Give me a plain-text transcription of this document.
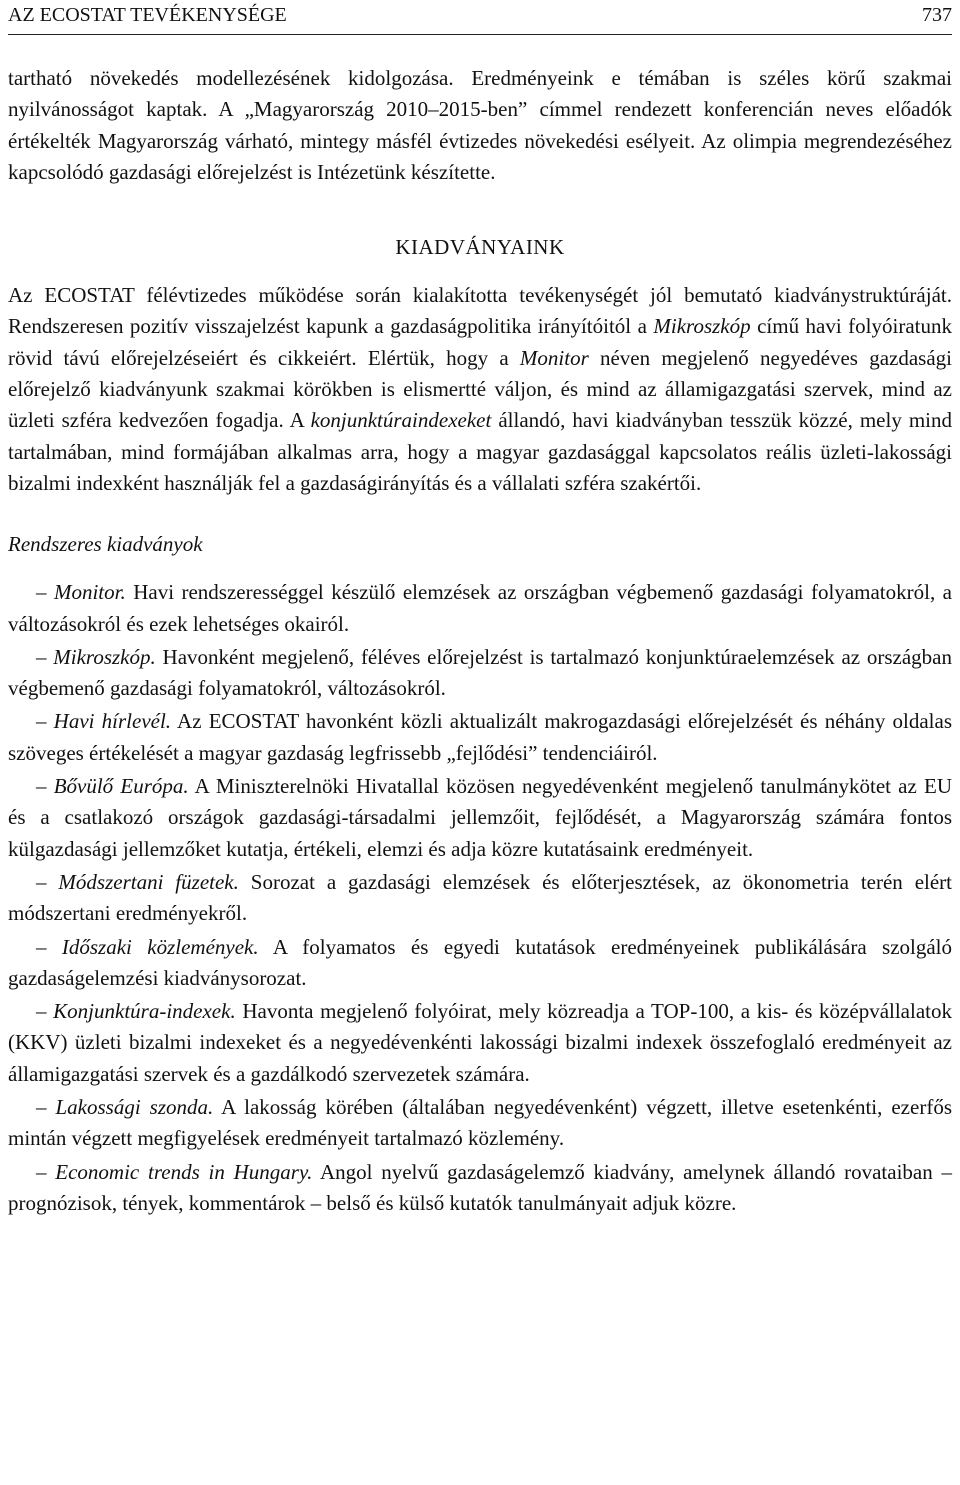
AZ ECOSTAT TEVÉKENYSÉGE	737

tartható növekedés modellezésének kidolgozása. Eredményeink e témában is széles körű szakmai nyilvánosságot kaptak. A „Magyarország 2010–2015-ben” címmel rendezett konferencián neves előadók értékelték Magyarország várható, mintegy másfél évtizedes növekedési esélyeit. Az olimpia megrendezéséhez kapcsolódó gazdasági előrejelzést is Intézetünk készítette.

KIADVÁNYAINK

Az ECOSTAT félévtizedes működése során kialakította tevékenységét jól bemutató kiadványstruktúráját. Rendszeresen pozitív visszajelzést kapunk a gazdaságpolitika irányítóitól a Mikroszkóp című havi folyóiratunk rövid távú előrejelzéseiért és cikkeiért. Elértük, hogy a Monitor néven megjelenő negyedéves gazdasági előrejelző kiadványunk szakmai körökben is elismertté váljon, és mind az államigazgatási szervek, mind az üzleti szféra kedvezően fogadja. A konjunktúraindexeket állandó, havi kiadványban tesszük közzé, mely mind tartalmában, mind formájában alkalmas arra, hogy a magyar gazdasággal kapcsolatos reális üzleti-lakossági bizalmi indexként használják fel a gazdaságirányítás és a vállalati szféra szakértői.

Rendszeres kiadványok

– Monitor. Havi rendszerességgel készülő elemzések az országban végbemenő gazdasági folyamatokról, a változásokról és ezek lehetséges okairól.

– Mikroszkóp. Havonként megjelenő, féléves előrejelzést is tartalmazó konjunktúraelemzések az országban végbemenő gazdasági folyamatokról, változásokról.

– Havi hírlevél. Az ECOSTAT havonként közli aktualizált makrogazdasági előrejelzését és néhány oldalas szöveges értékelését a magyar gazdaság legfrissebb „fejlődési” tendenciáiról.

– Bővülő Európa. A Miniszterelnöki Hivatallal közösen negyedévenként megjelenő tanulmánykötet az EU és a csatlakozó országok gazdasági-társadalmi jellemzőit, fejlődését, a Magyarország számára fontos külgazdasági jellemzőket kutatja, értékeli, elemzi és adja közre kutatásaink eredményeit.

– Módszertani füzetek. Sorozat a gazdasági elemzések és előterjesztések, az ökonometria terén elért módszertani eredményekről.

– Időszaki közlemények. A folyamatos és egyedi kutatások eredményeinek publikálására szolgáló gazdaságelemzési kiadványsorozat.

– Konjunktúra-indexek. Havonta megjelenő folyóirat, mely közreadja a TOP-100, a kis- és középvállalatok (KKV) üzleti bizalmi indexeket és a negyedévenkénti lakossági bizalmi indexek összefoglaló eredményeit az államigazgatási szervek és a gazdálkodó szervezetek számára.

– Lakossági szonda. A lakosság körében (általában negyedévenként) végzett, illetve esetenkénti, ezerfős mintán végzett megfigyelések eredményeit tartalmazó közlemény.

– Economic trends in Hungary. Angol nyelvű gazdaságelemző kiadvány, amelynek állandó rovataiban – prognózisok, tények, kommentárok – belső és külső kutatók tanulmányait adjuk közre.
